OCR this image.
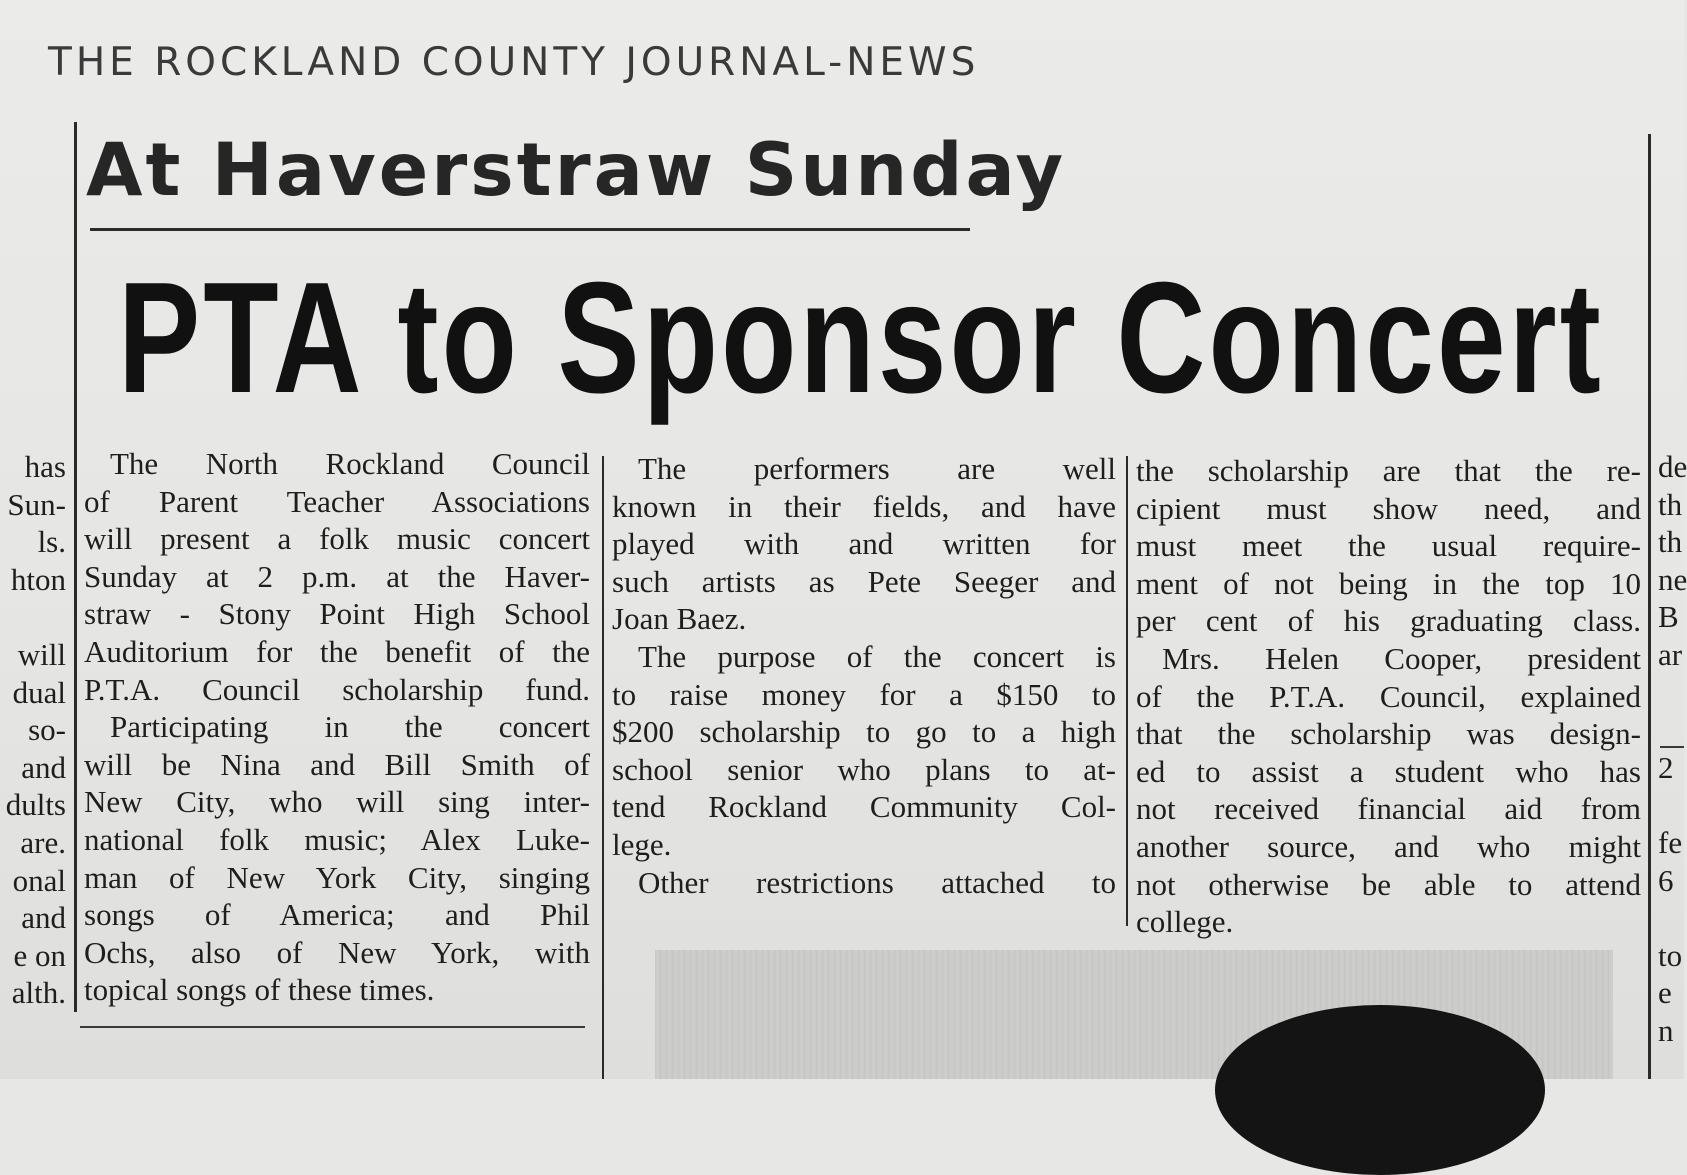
THE ROCKLAND COUNTY JOURNAL-NEWS
At Haverstraw Sunday
PTA to Sponsor Concert
has
Sun-
ls.
hton

will
dual
so-
and
dults
are.
onal
and
e on
alth.
de
th
th
ne
B
ar

2

fe
6

to
e
n

The North Rockland Council

of Parent Teacher Associations

will present a folk music concert

Sunday at 2 p.m. at the Haver-

straw - Stony Point High School

Auditorium for the benefit of the

P.T.A. Council scholarship fund.

Participating in the concert

will be Nina and Bill Smith of

New City, who will sing inter-

national folk music; Alex Luke-

man of New York City, singing

songs of America; and Phil

Ochs, also of New York, with

topical songs of these times.

The performers are well

known in their fields, and have

played with and written for

such artists as Pete Seeger and

Joan Baez.

The purpose of the concert is

to raise money for a $150 to

$200 scholarship to go to a high

school senior who plans to at-

tend Rockland Community Col-

lege.

Other restrictions attached to

the scholarship are that the re-

cipient must show need, and

must meet the usual require-

ment of not being in the top 10

per cent of his graduating class.

Mrs. Helen Cooper, president

of the P.T.A. Council, explained

that the scholarship was design-

ed to assist a student who has

not received financial aid from

another source, and who might

not otherwise be able to attend

college.
